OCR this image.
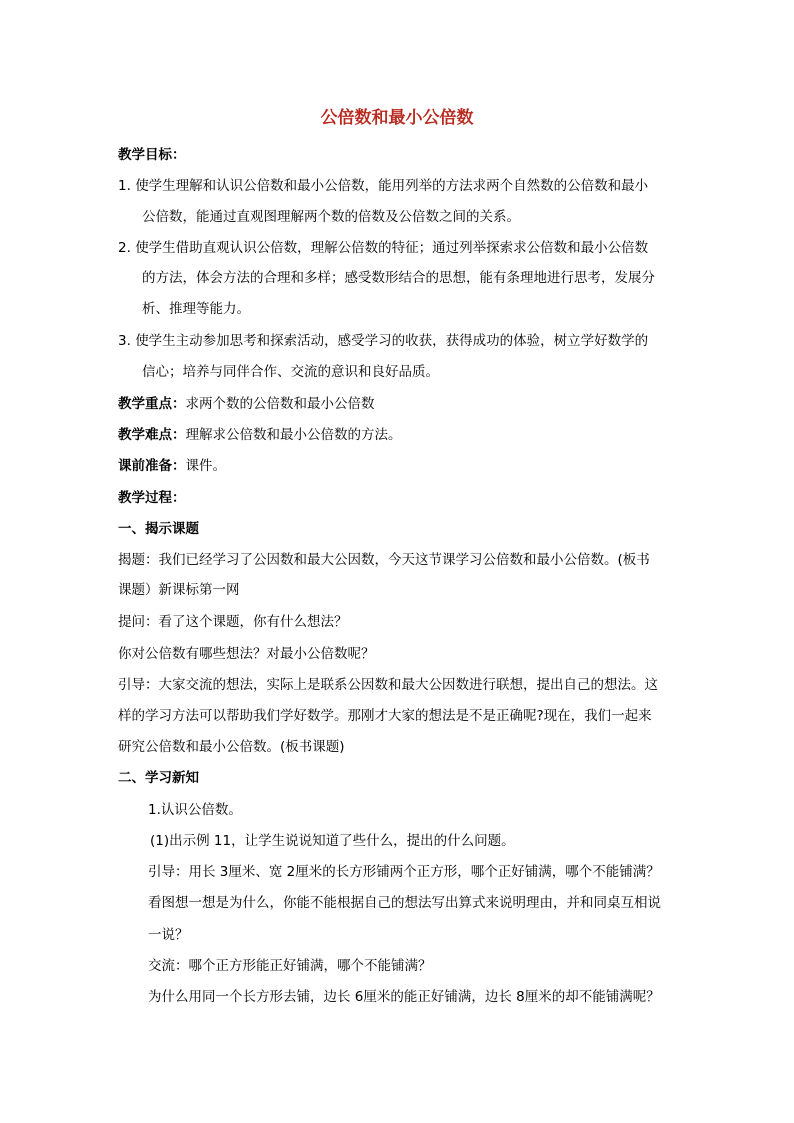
公倍数和最小公倍数
教学目标：
1. 使学生理解和认识公倍数和最小公倍数，能用列举的方法求两个自然数的公倍数和最小
公倍数，能通过直观图理解两个数的倍数及公倍数之间的关系。
2. 使学生借助直观认识公倍数，理解公倍数的特征；通过列举探索求公倍数和最小公倍数
的方法，体会方法的合理和多样；感受数形结合的思想，能有条理地进行思考，发展分
析、推理等能力。
3. 使学生主动参加思考和探索活动，感受学习的收获，获得成功的体验，树立学好数学的
信心；培养与同伴合作、交流的意识和良好品质。
教学重点：求两个数的公倍数和最小公倍数
教学难点：理解求公倍数和最小公倍数的方法。
课前准备：课件。
教学过程：
一、揭示课题
揭题：我们已经学习了公因数和最大公因数，今天这节课学习公倍数和最小公倍数。(板书
课题）新课标第一网
提问：看了这个课题，你有什么想法？
你对公倍数有哪些想法？对最小公倍数呢？
引导：大家交流的想法，实际上是联系公因数和最大公因数进行联想，提出自己的想法。这
样的学习方法可以帮助我们学好数学。那刚才大家的想法是不是正确呢?现在，我们一起来
研究公倍数和最小公倍数。(板书课题)
二、学习新知
1.认识公倍数。
(1)出示例 11，让学生说说知道了些什么，提出的什么问题。
引导：用长 3厘米、宽 2厘米的长方形铺两个正方形，哪个正好铺满，哪个不能铺满？
看图想一想是为什么，你能不能根据自己的想法写出算式来说明理由，并和同桌互相说
一说？
交流：哪个正方形能正好铺满，哪个不能铺满？
为什么用同一个长方形去铺，边长 6厘米的能正好铺满，边长 8厘米的却不能铺满呢？
